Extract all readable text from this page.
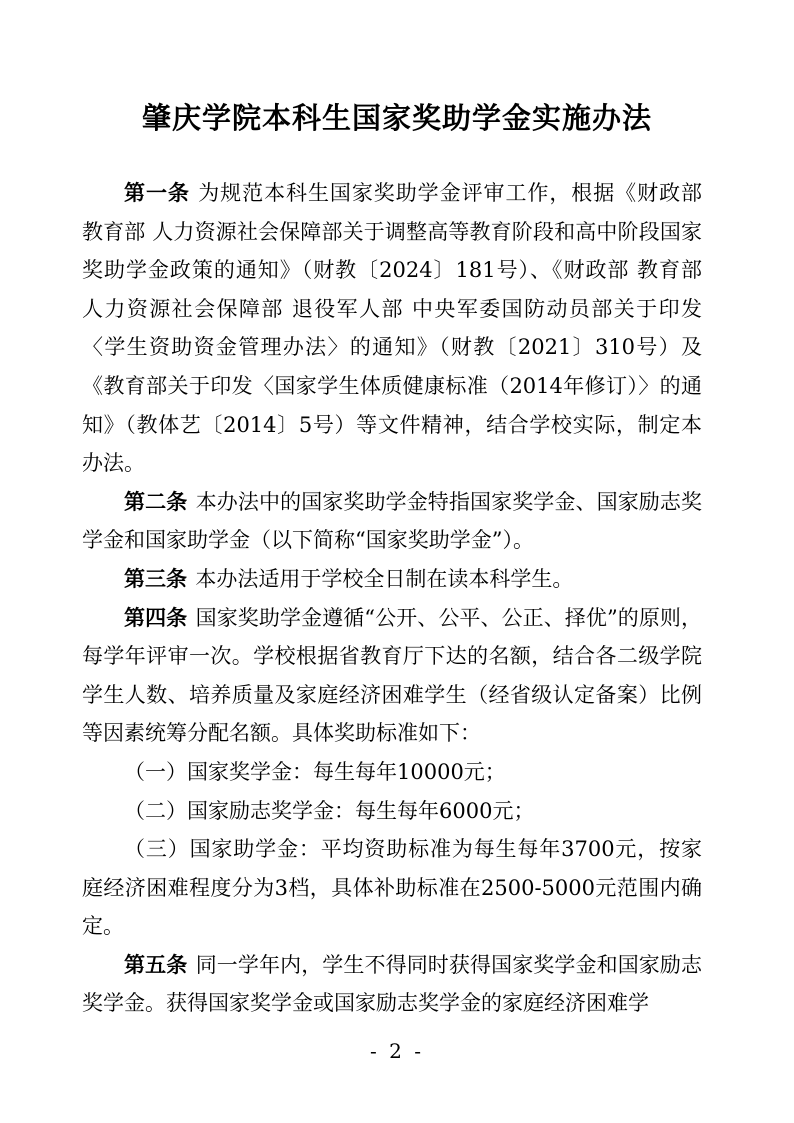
肇庆学院本科生国家奖助学金实施办法

第一条 为规范本科生国家奖助学金评审工作，根据《财政部 教育部 人力资源社会保障部关于调整高等教育阶段和高中阶段国家奖助学金政策的通知》（财教〔2024〕181号）、《财政部 教育部 人力资源社会保障部 退役军人部 中央军委国防动员部关于印发〈学生资助资金管理办法〉的通知》（财教〔2021〕310号）及《教育部关于印发〈国家学生体质健康标准（2014年修订）〉的通知》（教体艺〔2014〕5号）等文件精神，结合学校实际，制定本办法。

第二条 本办法中的国家奖助学金特指国家奖学金、国家励志奖学金和国家助学金（以下简称“国家奖助学金”）。

第三条 本办法适用于学校全日制在读本科学生。

第四条 国家奖助学金遵循“公开、公平、公正、择优”的原则，每学年评审一次。学校根据省教育厅下达的名额，结合各二级学院学生人数、培养质量及家庭经济困难学生（经省级认定备案）比例等因素统筹分配名额。具体奖助标准如下：

（一）国家奖学金：每生每年10000元；

（二）国家励志奖学金：每生每年6000元；

（三）国家助学金：平均资助标准为每生每年3700元，按家庭经济困难程度分为3档，具体补助标准在2500-5000元范围内确定。

第五条 同一学年内，学生不得同时获得国家奖学金和国家励志奖学金。获得国家奖学金或国家励志奖学金的家庭经济困难学

- 2 -
